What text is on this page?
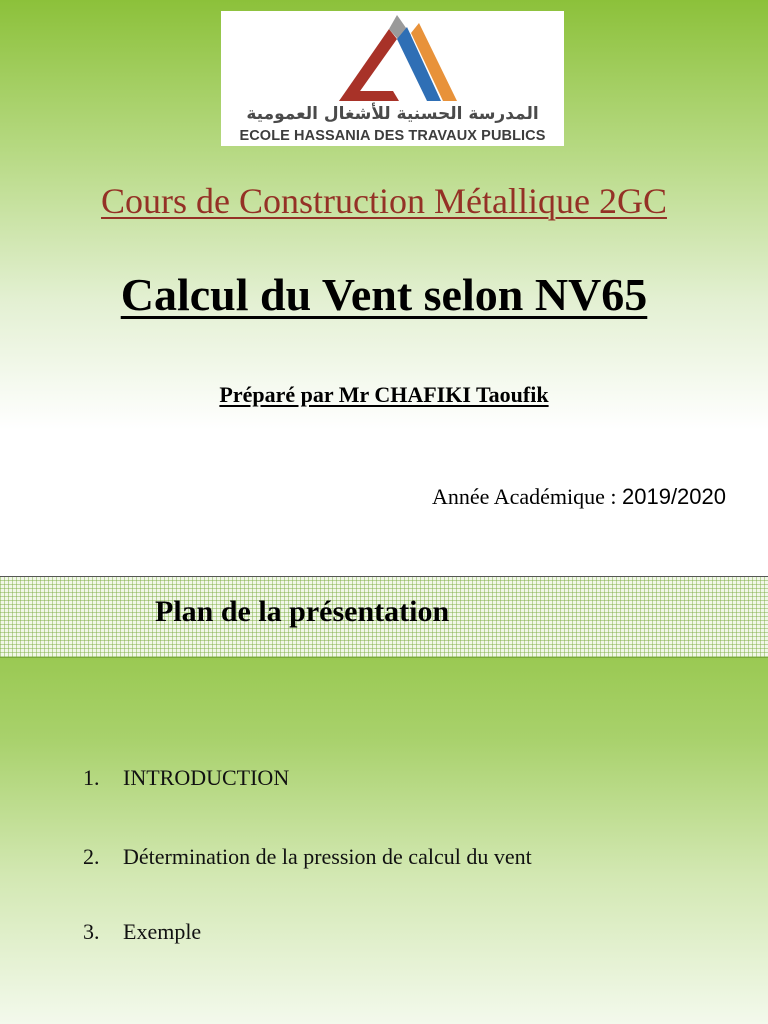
المدرسة الحسنية للأشغال العمومية
ECOLE HASSANIA DES TRAVAUX PUBLICS
Cours de Construction Métallique 2GC
Calcul du Vent selon NV65
Préparé par Mr CHAFIKI Taoufik
Année Académique : 2019/2020
Plan de la présentation
1. INTRODUCTION
2. Détermination de la pression de calcul du vent
3. Exemple
